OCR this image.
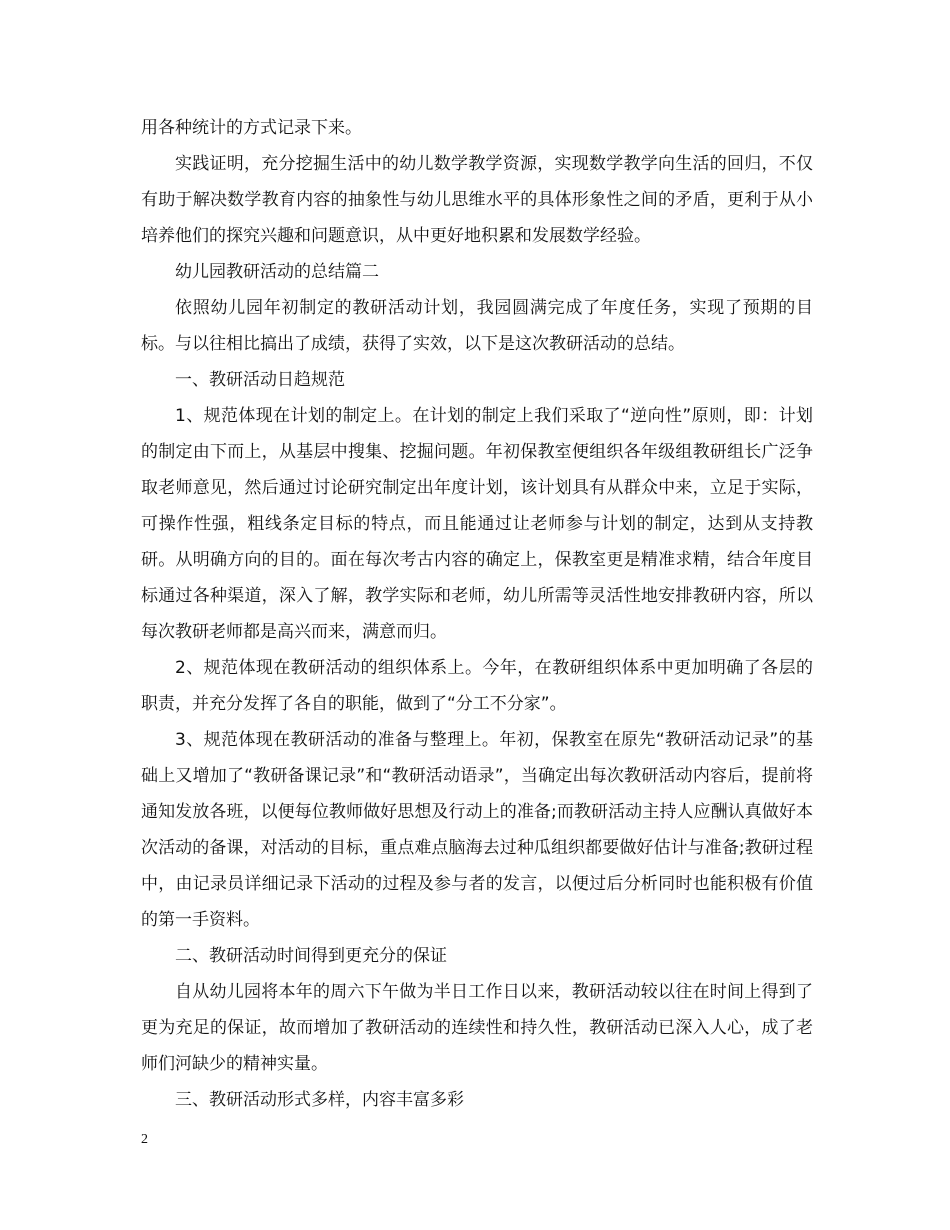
用各种统计的方式记录下来。

实践证明，充分挖掘生活中的幼儿数学教学资源，实现数学教学向生活的回归，不仅有助于解决数学教育内容的抽象性与幼儿思维水平的具体形象性之间的矛盾，更利于从小培养他们的探究兴趣和问题意识，从中更好地积累和发展数学经验。

幼儿园教研活动的总结篇二

依照幼儿园年初制定的教研活动计划，我园圆满完成了年度任务，实现了预期的目标。与以往相比搞出了成绩，获得了实效，以下是这次教研活动的总结。

一、教研活动日趋规范

1、规范体现在计划的制定上。在计划的制定上我们采取了“逆向性”原则，即：计划的制定由下而上，从基层中搜集、挖掘问题。年初保教室便组织各年级组教研组长广泛争取老师意见，然后通过讨论研究制定出年度计划，该计划具有从群众中来，立足于实际，可操作性强，粗线条定目标的特点，而且能通过让老师参与计划的制定，达到从支持教研。从明确方向的目的。面在每次考古内容的确定上，保教室更是精准求精，结合年度目标通过各种渠道，深入了解，教学实际和老师，幼儿所需等灵活性地安排教研内容，所以每次教研老师都是高兴而来，满意而归。

2、规范体现在教研活动的组织体系上。今年，在教研组织体系中更加明确了各层的职责，并充分发挥了各自的职能，做到了“分工不分家”。

3、规范体现在教研活动的准备与整理上。年初，保教室在原先“教研活动记录”的基础上又增加了“教研备课记录”和“教研活动语录”，当确定出每次教研活动内容后，提前将通知发放各班，以便每位教师做好思想及行动上的准备;而教研活动主持人应酬认真做好本次活动的备课，对活动的目标，重点难点脑海去过种瓜组织都要做好估计与准备;教研过程中，由记录员详细记录下活动的过程及参与者的发言，以便过后分析同时也能积极有价值的第一手资料。

二、教研活动时间得到更充分的保证

自从幼儿园将本年的周六下午做为半日工作日以来，教研活动较以往在时间上得到了更为充足的保证，故而增加了教研活动的连续性和持久性，教研活动已深入人心，成了老师们河缺少的精神实量。

三、教研活动形式多样，内容丰富多彩

2
